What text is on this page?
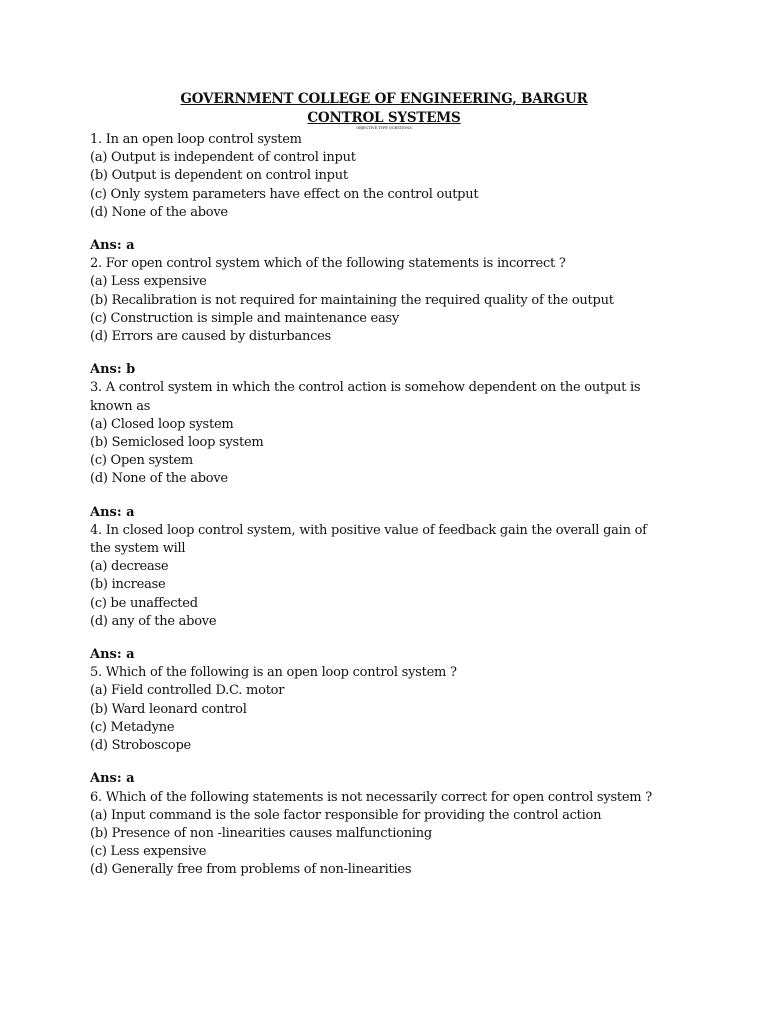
GOVERNMENT COLLEGE OF ENGINEERING, BARGUR
CONTROL SYSTEMS
OBJECTIVE TYPE QUESTIONS
1. In an open loop control system
(a) Output is independent of control input
(b) Output is dependent on control input
(c) Only system parameters have effect on the control output
(d) None of the above
Ans: a
2. For open control system which of the following statements is incorrect ?
(a) Less expensive
(b) Recalibration is not required for maintaining the required quality of the output
(c) Construction is simple and maintenance easy
(d) Errors are caused by disturbances
Ans: b
3. A control system in which the control action is somehow dependent on the output is known as
(a) Closed loop system
(b) Semiclosed loop system
(c) Open system
(d) None of the above
Ans: a
4. In closed loop control system, with positive value of feedback gain the overall gain of the system will
(a) decrease
(b) increase
(c) be unaffected
(d) any of the above
Ans: a
5. Which of the following is an open loop control system ?
(a) Field controlled D.C. motor
(b) Ward leonard control
(c) Metadyne
(d) Stroboscope
Ans: a
6. Which of the following statements is not necessarily correct for open control system ?
(a) Input command is the sole factor responsible for providing the control action
(b) Presence of non -linearities causes malfunctioning
(c) Less expensive
(d) Generally free from problems of non-linearities
